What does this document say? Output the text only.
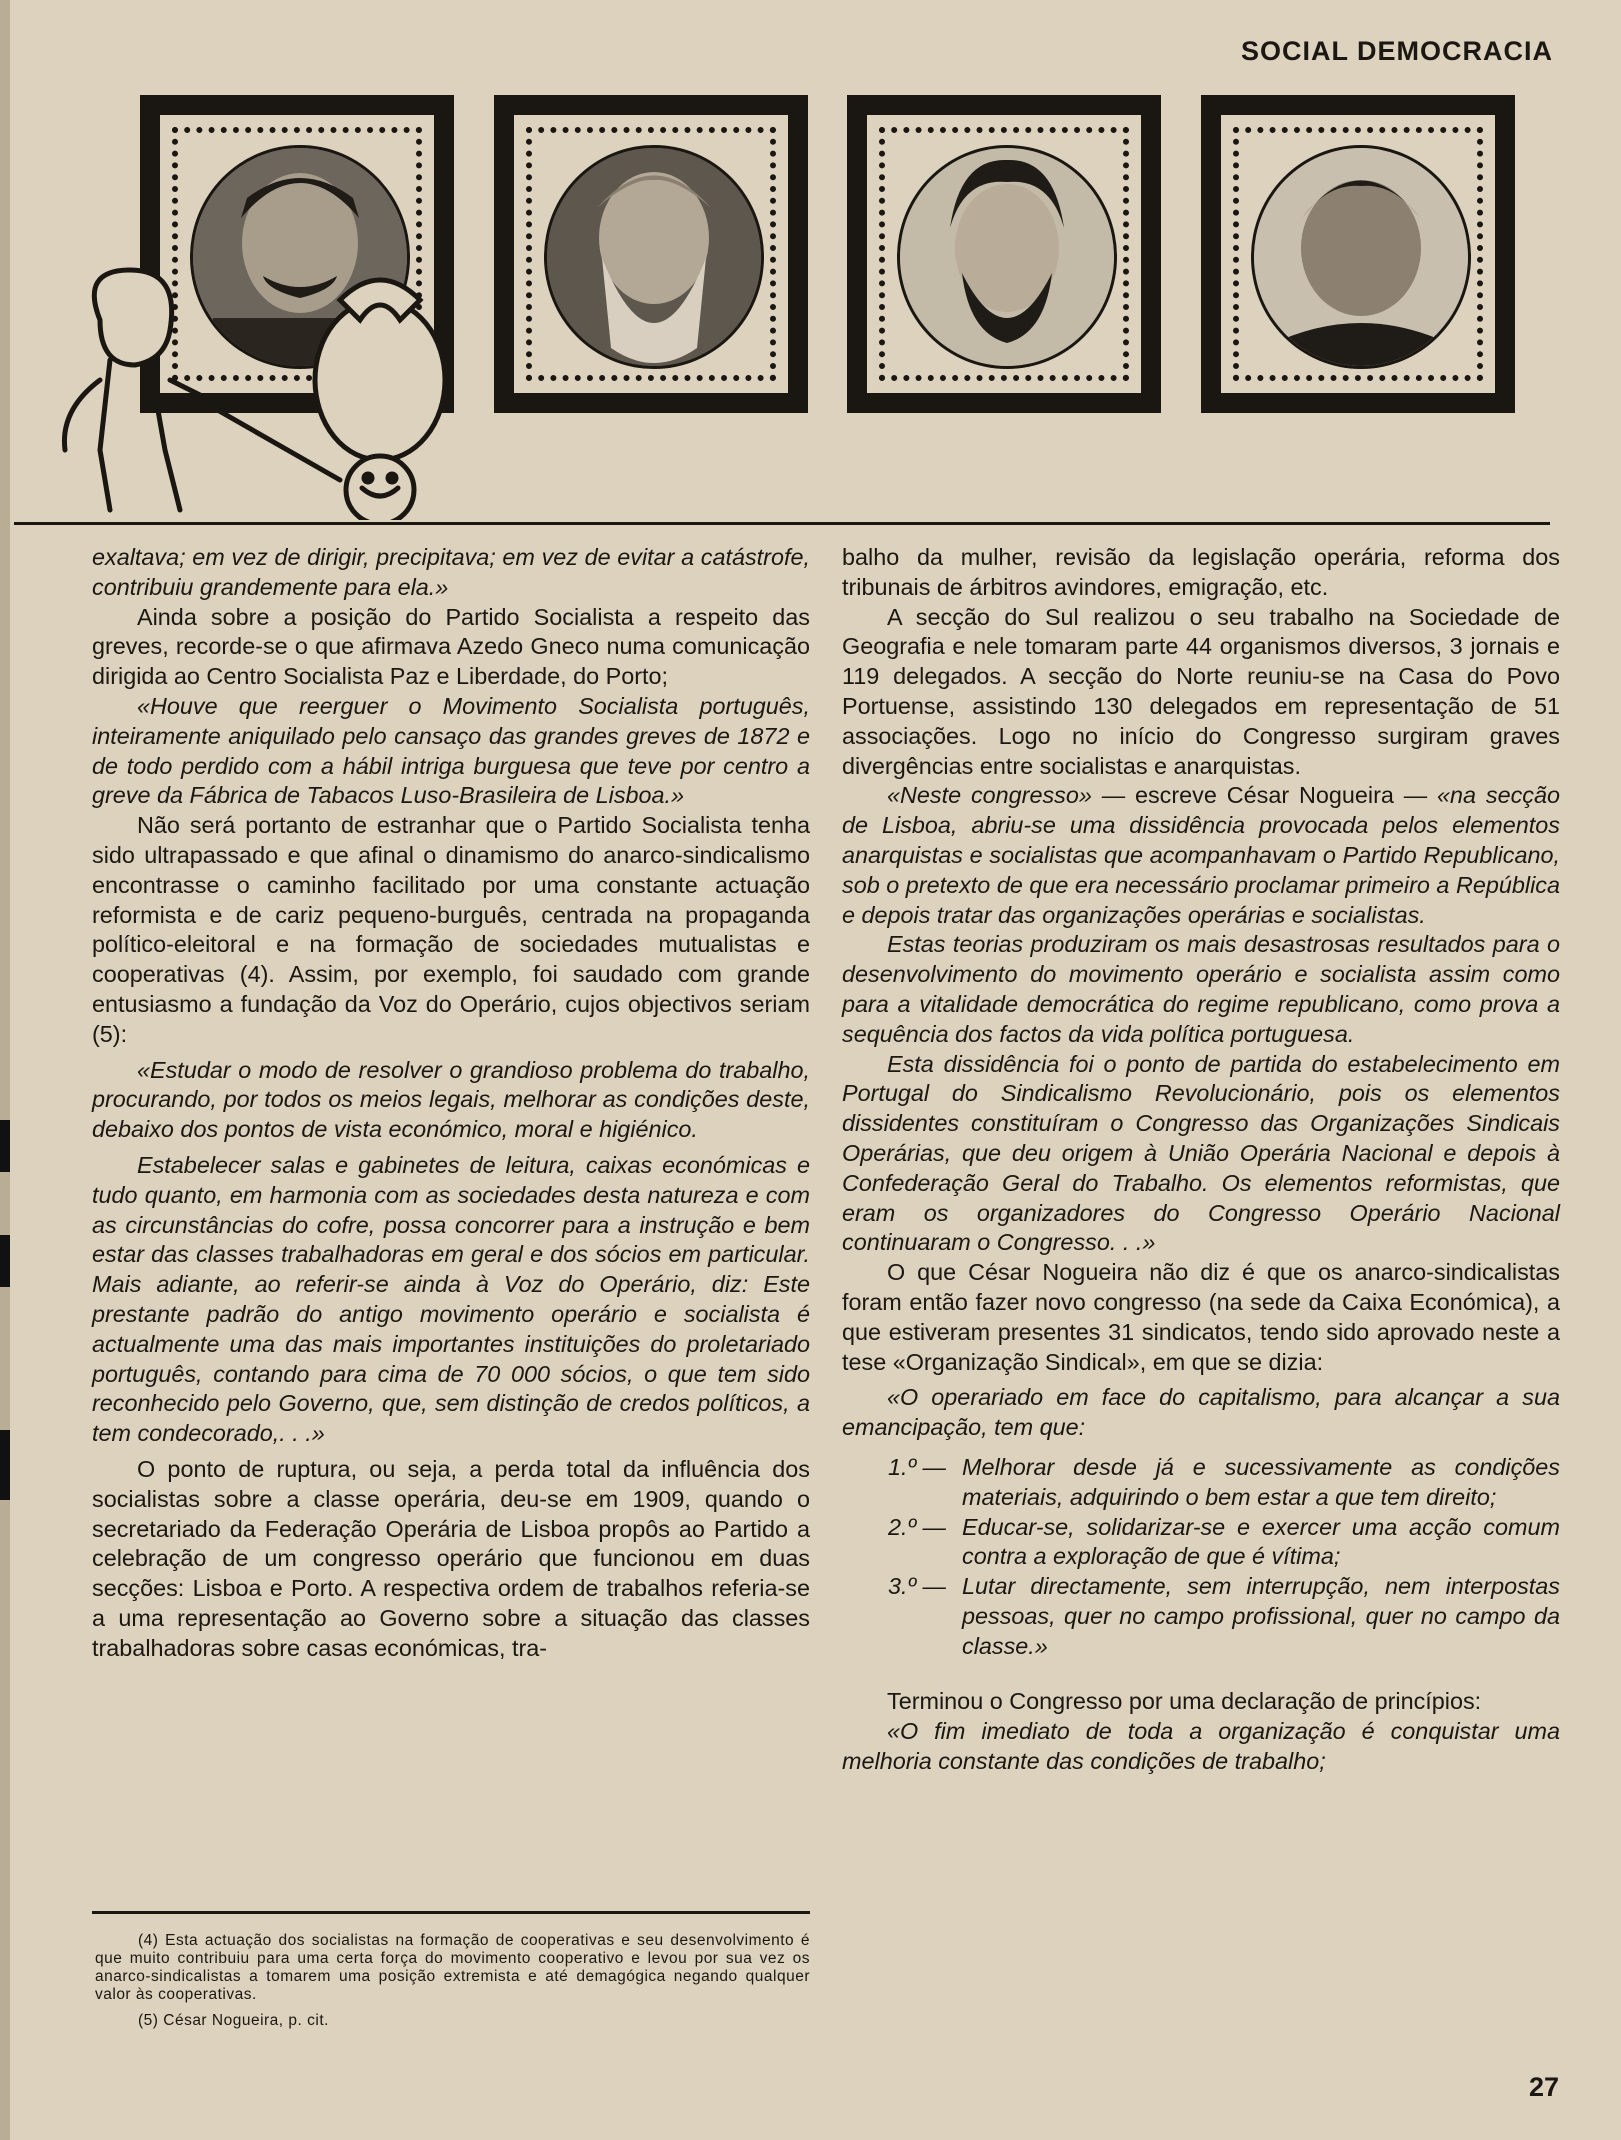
SOCIAL DEMOCRACIA

exaltava; em vez de dirigir, precipitava; em vez de evitar a catástrofe, contribuiu grandemente para ela.»

Ainda sobre a posição do Partido Socialista a respeito das greves, recorde-se o que afirmava Azedo Gneco numa comunicação dirigida ao Centro Socialista Paz e Liberdade, do Porto;

«Houve que reerguer o Movimento Socialista português, inteiramente aniquilado pelo cansaço das grandes greves de 1872 e de todo perdido com a hábil intriga burguesa que teve por centro a greve da Fábrica de Tabacos Luso-Brasileira de Lisboa.»

Não será portanto de estranhar que o Partido Socialista tenha sido ultrapassado e que afinal o dinamismo do anarco-sindicalismo encontrasse o caminho facilitado por uma constante actuação reformista e de cariz pequeno-burguês, centrada na propaganda político-eleitoral e na formação de sociedades mutualistas e cooperativas (4). Assim, por exemplo, foi saudado com grande entusiasmo a fundação da Voz do Operário, cujos objectivos seriam (5):

«Estudar o modo de resolver o grandioso problema do trabalho, procurando, por todos os meios legais, melhorar as condições deste, debaixo dos pontos de vista económico, moral e higiénico.

Estabelecer salas e gabinetes de leitura, caixas económicas e tudo quanto, em harmonia com as sociedades desta natureza e com as circunstâncias do cofre, possa concorrer para a instrução e bem estar das classes trabalhadoras em geral e dos sócios em particular. Mais adiante, ao referir-se ainda à Voz do Operário, diz: Este prestante padrão do antigo movimento operário e socialista é actualmente uma das mais importantes instituições do proletariado português, contando para cima de 70 000 sócios, o que tem sido reconhecido pelo Governo, que, sem distinção de credos políticos, a tem condecorado,. . .»

O ponto de ruptura, ou seja, a perda total da influência dos socialistas sobre a classe operária, deu-se em 1909, quando o secretariado da Federação Operária de Lisboa propôs ao Partido a celebração de um congresso operário que funcionou em duas secções: Lisboa e Porto. A respectiva ordem de trabalhos referia-se a uma representação ao Governo sobre a situação das classes trabalhadoras sobre casas económicas, tra-

(4) Esta actuação dos socialistas na formação de cooperativas e seu desenvolvimento é que muito contribuiu para uma certa força do movimento cooperativo e levou por sua vez os anarco-sindicalistas a tomarem uma posição extremista e até demagógica negando qualquer valor às cooperativas.

(5) César Nogueira, p. cit.

balho da mulher, revisão da legislação operária, reforma dos tribunais de árbitros avindores, emigração, etc.

A secção do Sul realizou o seu trabalho na Sociedade de Geografia e nele tomaram parte 44 organismos diversos, 3 jornais e 119 delegados. A secção do Norte reuniu-se na Casa do Povo Portuense, assistindo 130 delegados em representação de 51 associações. Logo no início do Congresso surgiram graves divergências entre socialistas e anarquistas.

«Neste congresso» — escreve César Nogueira — «na secção de Lisboa, abriu-se uma dissidência provocada pelos elementos anarquistas e socialistas que acompanhavam o Partido Republicano, sob o pretexto de que era necessário proclamar primeiro a República e depois tratar das organizações operárias e socialistas.

Estas teorias produziram os mais desastrosas resultados para o desenvolvimento do movimento operário e socialista assim como para a vitalidade democrática do regime republicano, como prova a sequência dos factos da vida política portuguesa.

Esta dissidência foi o ponto de partida do estabelecimento em Portugal do Sindicalismo Revolucionário, pois os elementos dissidentes constituíram o Congresso das Organizações Sindicais Operárias, que deu origem à União Operária Nacional e depois à Confederação Geral do Trabalho. Os elementos reformistas, que eram os organizadores do Congresso Operário Nacional continuaram o Congresso. . .»

O que César Nogueira não diz é que os anarco-sindicalistas foram então fazer novo congresso (na sede da Caixa Económica), a que estiveram presentes 31 sindicatos, tendo sido aprovado neste a tese «Organização Sindical», em que se dizia:

«O operariado em face do capitalismo, para alcançar a sua emancipação, tem que:

1.º —	Melhorar desde já e sucessivamente as condições materiais, adquirindo o bem estar a que tem direito;
2.º —	Educar-se, solidarizar-se e exercer uma acção comum contra a exploração de que é vítima;
3.º —	Lutar directamente, sem interrupção, nem interpostas pessoas, quer no campo profissional, quer no campo da classe.»

Terminou o Congresso por uma declaração de princípios:

«O fim imediato de toda a organização é conquistar uma melhoria constante das condições de trabalho;

27
